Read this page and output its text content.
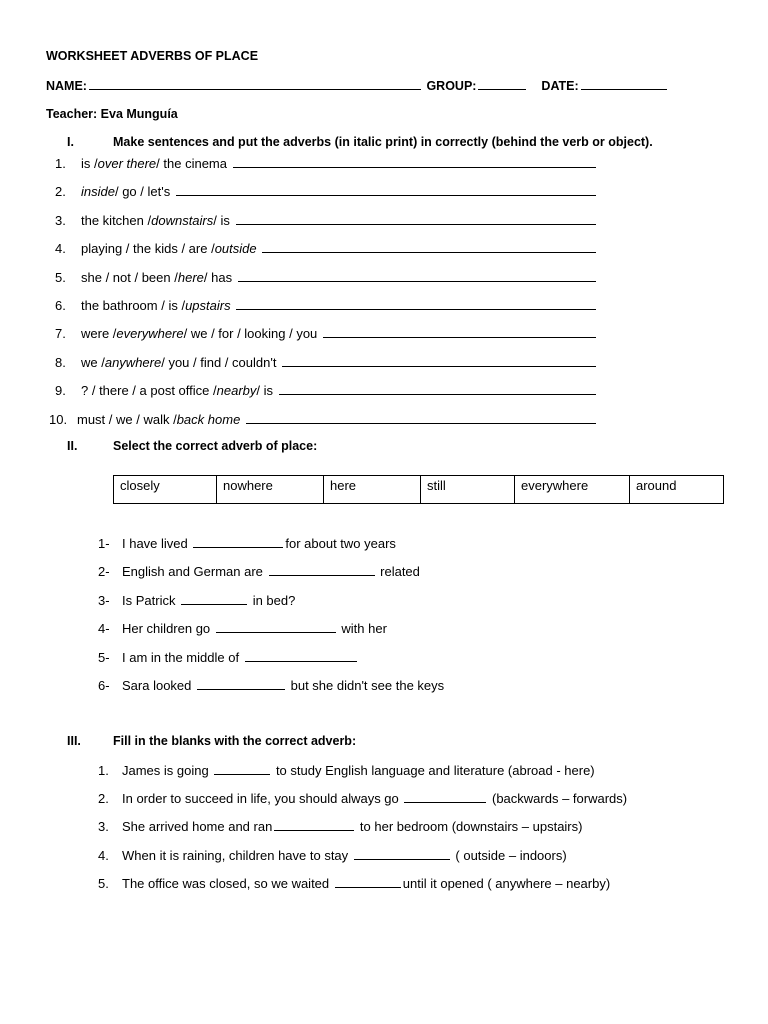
WORKSHEET ADVERBS OF PLACE
NAME:	GROUP:	DATE:
Teacher: Eva Munguía
I.	Make sentences and put the adverbs (in italic print) in correctly (behind the verb or object).
1.	is / over there / the cinema

2.	inside / go / let's

3.	the kitchen / downstairs / is

4.	playing / the kids / are / outside

5.	she / not / been / here / has

6.	the bathroom / is / upstairs

7.	were / everywhere / we / for / looking / you

8.	we / anywhere / you / find / couldn't

9.	? / there / a post office / nearby / is

10. must / we / walk / back home

II.	Select the correct adverb of place:
closely	nowhere	here	still	everywhere	around
1- I have lived	for about two years
2- English and German are	related
3- Is Patrick	in bed?
4- Her children go	with her
5- I am in the middle of
6- Sara looked	but she didn't see the keys
III.	Fill in the blanks with the correct adverb:
1. James is going	to study English language and literature (abroad - here)
2. In order to succeed in life, you should always go	(backwards – forwards)
3. She arrived home and ran	to her bedroom (downstairs – upstairs)
4. When it is raining, children have to stay	( outside – indoors)
5. The office was closed, so we waited	until it opened ( anywhere – nearby)
